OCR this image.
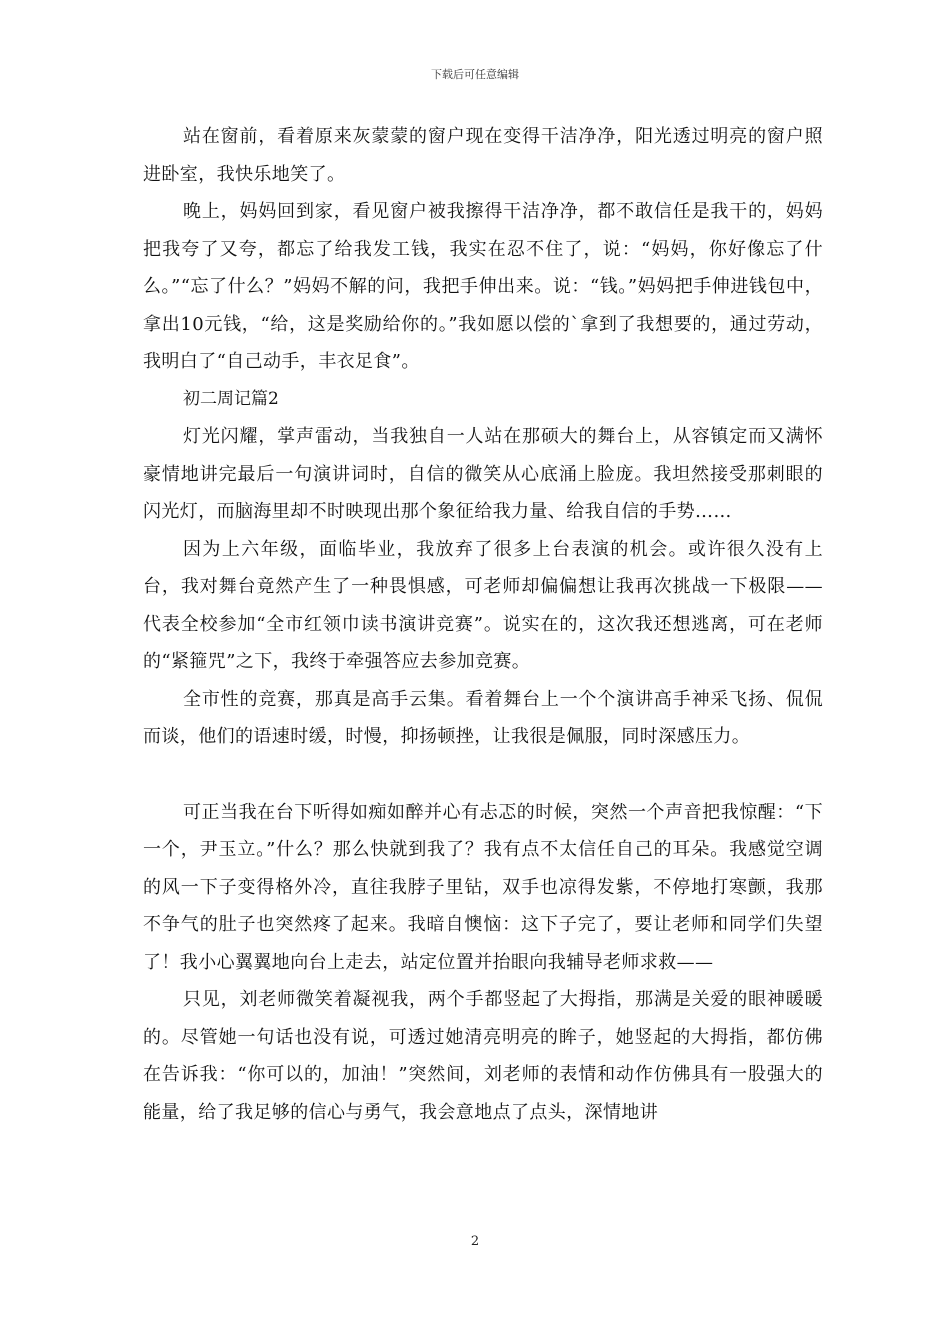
下载后可任意编辑

站在窗前，看着原来灰蒙蒙的窗户现在变得干洁净净，阳光透过明亮的窗户照进卧室，我快乐地笑了。

晚上，妈妈回到家，看见窗户被我擦得干洁净净，都不敢信任是我干的，妈妈把我夸了又夸，都忘了给我发工钱，我实在忍不住了，说：“妈妈，你好像忘了什么。”“忘了什么？”妈妈不解的问，我把手伸出来。说：“钱。”妈妈把手伸进钱包中，拿出10元钱，“给，这是奖励给你的。”我如愿以偿的`拿到了我想要的，通过劳动，我明白了“自己动手，丰衣足食”。

初二周记篇2

灯光闪耀，掌声雷动，当我独自一人站在那硕大的舞台上，从容镇定而又满怀豪情地讲完最后一句演讲词时，自信的微笑从心底涌上脸庞。我坦然接受那刺眼的闪光灯，而脑海里却不时映现出那个象征给我力量、给我自信的手势……

因为上六年级，面临毕业，我放弃了很多上台表演的机会。或许很久没有上台，我对舞台竟然产生了一种畏惧感，可老师却偏偏想让我再次挑战一下极限——代表全校参加“全市红领巾读书演讲竞赛”。说实在的，这次我还想逃离，可在老师的“紧箍咒”之下，我终于牵强答应去参加竞赛。

全市性的竞赛，那真是高手云集。看着舞台上一个个演讲高手神采飞扬、侃侃而谈，他们的语速时缓，时慢，抑扬顿挫，让我很是佩服，同时深感压力。

可正当我在台下听得如痴如醉并心有忐忑的时候，突然一个声音把我惊醒：“下一个，尹玉立。”什么？那么快就到我了？我有点不太信任自己的耳朵。我感觉空调的风一下子变得格外冷，直往我脖子里钻，双手也凉得发紫，不停地打寒颤，我那不争气的肚子也突然疼了起来。我暗自懊恼：这下子完了，要让老师和同学们失望了！我小心翼翼地向台上走去，站定位置并抬眼向我辅导老师求救——

只见，刘老师微笑着凝视我，两个手都竖起了大拇指，那满是关爱的眼神暖暖的。尽管她一句话也没有说，可透过她清亮明亮的眸子，她竖起的大拇指，都仿佛在告诉我：“你可以的，加油！”突然间，刘老师的表情和动作仿佛具有一股强大的能量，给了我足够的信心与勇气，我会意地点了点头，深情地讲

2
